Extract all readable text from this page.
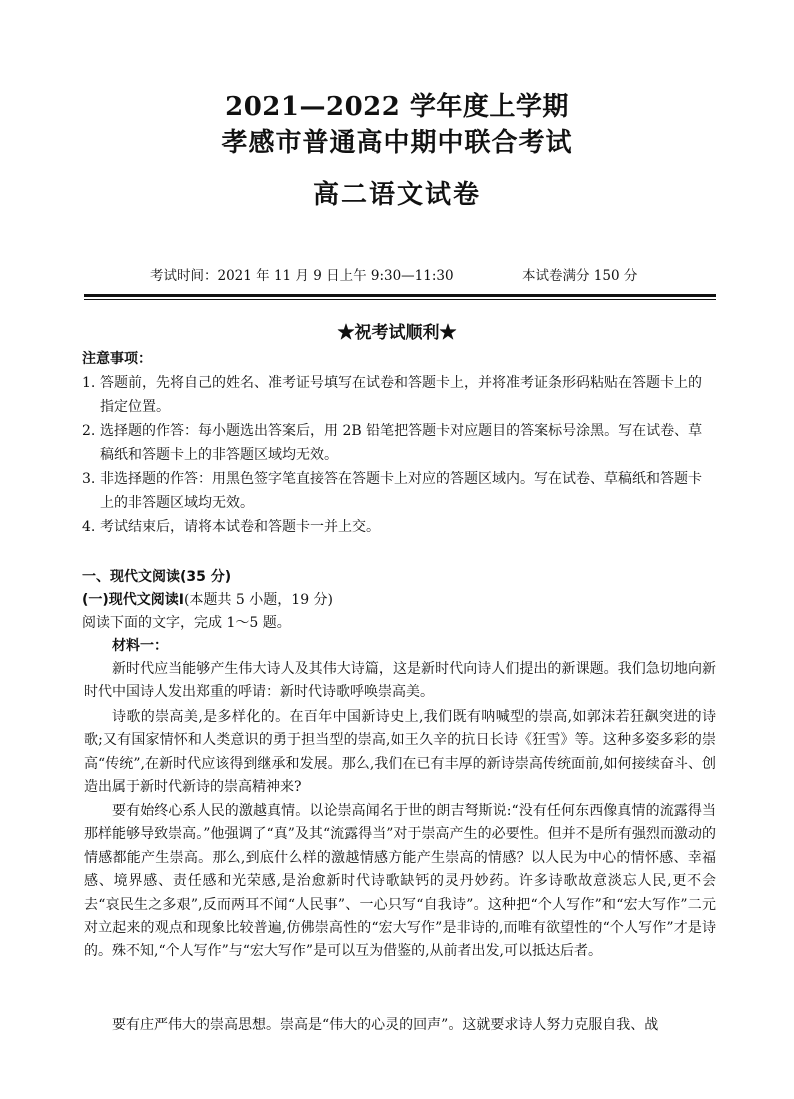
2021—2022 学年度上学期
孝感市普通高中期中联合考试
高二语文试卷
考试时间：2021 年 11 月 9 日上午 9:30—11:30	本试卷满分 150 分
★祝考试顺利★
注意事项：
1. 答题前，先将自己的姓名、准考证号填写在试卷和答题卡上，并将准考证条形码粘贴在答题卡上的指定位置。
2. 选择题的作答：每小题选出答案后，用 2B 铅笔把答题卡对应题目的答案标号涂黑。写在试卷、草稿纸和答题卡上的非答题区域均无效。
3. 非选择题的作答：用黑色签字笔直接答在答题卡上对应的答题区域内。写在试卷、草稿纸和答题卡上的非答题区域均无效。
4. 考试结束后，请将本试卷和答题卡一并上交。
一、现代文阅读(35 分)
(一)现代文阅读Ⅰ(本题共 5 小题，19 分)
阅读下面的文字，完成 1～5 题。
材料一：
新时代应当能够产生伟大诗人及其伟大诗篇，这是新时代向诗人们提出的新课题。我们急切地向新时代中国诗人发出郑重的呼请：新时代诗歌呼唤崇高美。
诗歌的崇高美,是多样化的。在百年中国新诗史上,我们既有呐喊型的崇高,如郭沫若狂飙突进的诗歌;又有国家情怀和人类意识的勇于担当型的崇高,如王久辛的抗日长诗《狂雪》等。这种多姿多彩的崇高“传统”,在新时代应该得到继承和发展。那么,我们在已有丰厚的新诗崇高传统面前,如何接续奋斗、创造出属于新时代新诗的崇高精神来?
要有始终心系人民的激越真情。以论崇高闻名于世的朗吉弩斯说:“没有任何东西像真情的流露得当那样能够导致崇高。”他强调了“真”及其“流露得当”对于崇高产生的必要性。但并不是所有强烈而激动的情感都能产生崇高。那么,到底什么样的激越情感方能产生崇高的情感？以人民为中心的情怀感、幸福感、境界感、责任感和光荣感,是治愈新时代诗歌缺钙的灵丹妙药。许多诗歌故意淡忘人民,更不会去“哀民生之多艰”,反而两耳不闻“人民事”、一心只写“自我诗”。这种把“个人写作”和“宏大写作”二元对立起来的观点和现象比较普遍,仿佛崇高性的“宏大写作”是非诗的,而唯有欲望性的“个人写作”才是诗的。殊不知,“个人写作”与“宏大写作”是可以互为借鉴的,从前者出发,可以抵达后者。
要有庄严伟大的崇高思想。崇高是“伟大的心灵的回声”。这就要求诗人努力克服自我、战
